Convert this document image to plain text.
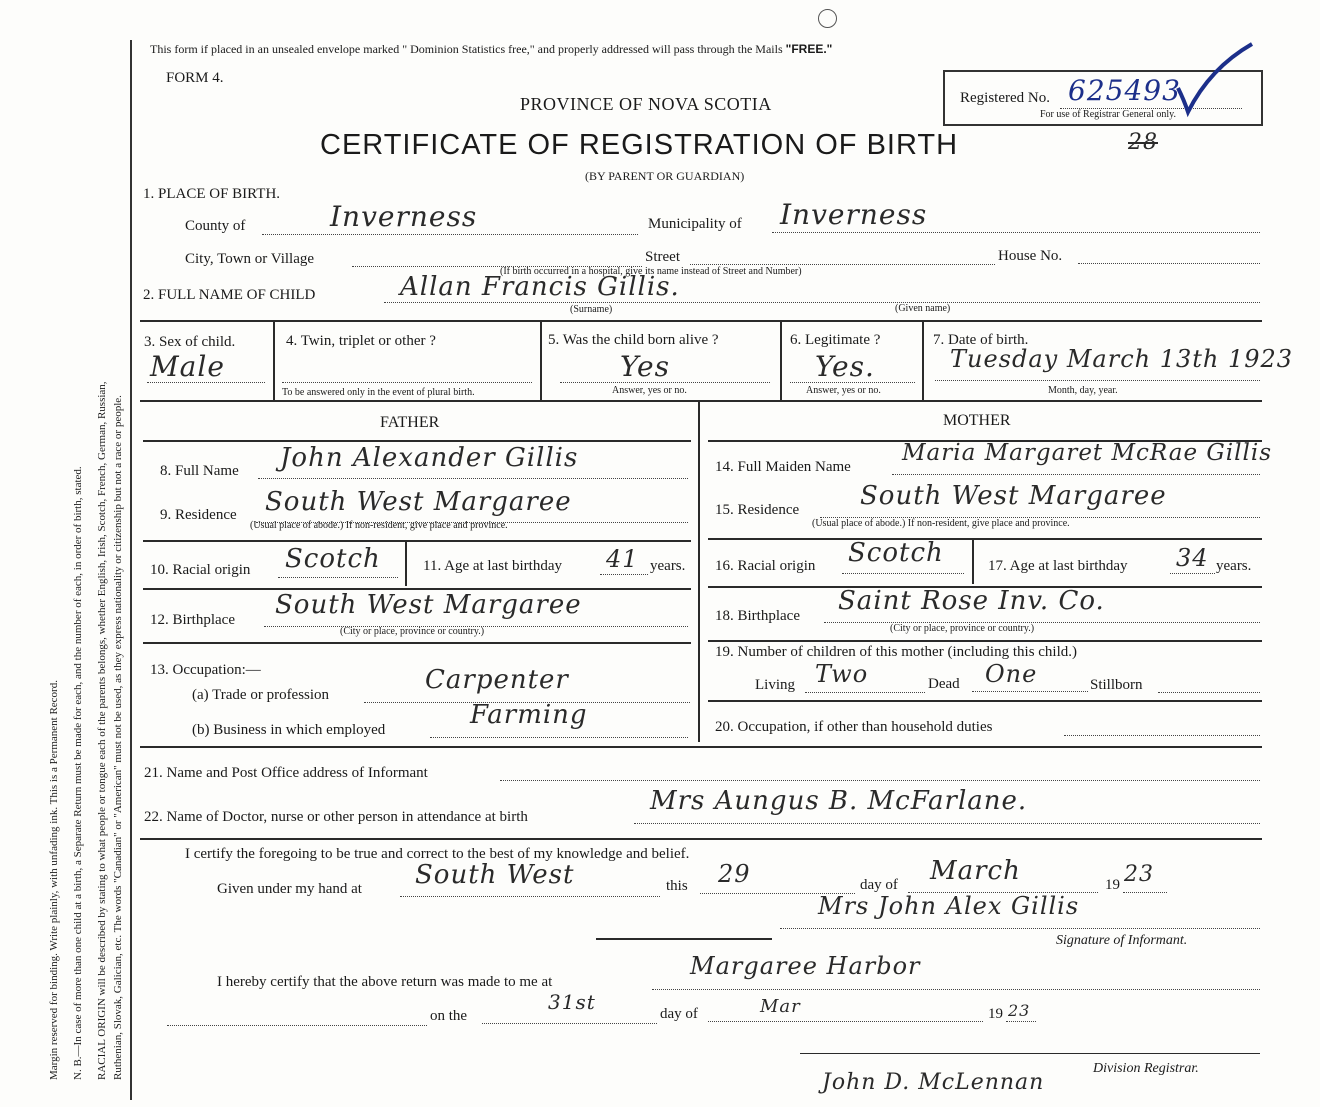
Margin reserved for binding. Write plainly, with unfading ink. This is a Permanent Record. N. B.—In case of more than one child at a birth, a Separate Return must be made for each, and the number of each, in order of birth, stated. RACIAL ORIGIN will be described by stating to what people or tongue each of the parents belongs, whether English, Irish, Scotch, French, German, Russian, Ruthenian, Slovak, Galician, etc. The words "Canadian" or "American" must not be used, as they express nationality or citizenship but not a race or people.
This form if placed in an unsealed envelope marked " Dominion Statistics free," and properly addressed will pass through the Mails "FREE."
FORM 4.
PROVINCE OF NOVA SCOTIA
CERTIFICATE OF REGISTRATION OF BIRTH
(BY PARENT OR GUARDIAN)
Registered No. 625493
For use of Registrar General only.
28
1. PLACE OF BIRTH.
County of	Inverness	Municipality of Inverness
City, Town or Village	Street	House No.
(If birth occurred in a hospital, give its name instead of Street and Number)
2. FULL NAME OF CHILD	Allan Francis Gillis.
(Surname)	(Given name)
3. Sex of child.
Male
4. Twin, triplet or other ?
To be answered only in the event of plural birth.
5. Was the child born alive ?
Yes
Answer, yes or no.
6. Legitimate ?
Yes.
Answer, yes or no.
7. Date of birth.
Tuesday March 13th 1923
Month, day, year.
FATHER	MOTHER
8. Full Name John Alexander Gillis
9. Residence South West Margaree
(Usual place of abode.) If non-resident, give place and province.
10. Racial origin Scotch	11. Age at last birthday 41 years.
12. Birthplace South West Margaree
(City or place, province or country.)
13. Occupation:—
(a) Trade or profession	Carpenter
(b) Business in which employed	Farming
14. Full Maiden Name
Maria Margaret McRae Gillis
15. Residence South West Margaree
(Usual place of abode.) If non-resident, give place and province.
16. Racial origin Scotch	17. Age at last birthday 34 years.
18. Birthplace Saint Rose Inv. Co.
(City or place, province or country.)
19. Number of children of this mother (including this child.)
Living Two	Dead One	Stillborn
20. Occupation, if other than household duties
21. Name and Post Office address of Informant
22. Name of Doctor, nurse or other person in attendance at birth
Mrs Aungus B. McFarlane.
I certify the foregoing to be true and correct to the best of my knowledge and belief.
Given under my hand at South West	this 29	day of March	19 23
Mrs John Alex Gillis
Signature of Informant.
I hereby certify that the above return was made to me at
Margaree Harbor
on the
31st	day of	Mar	19 23
Division Registrar.
John D. McLennan
